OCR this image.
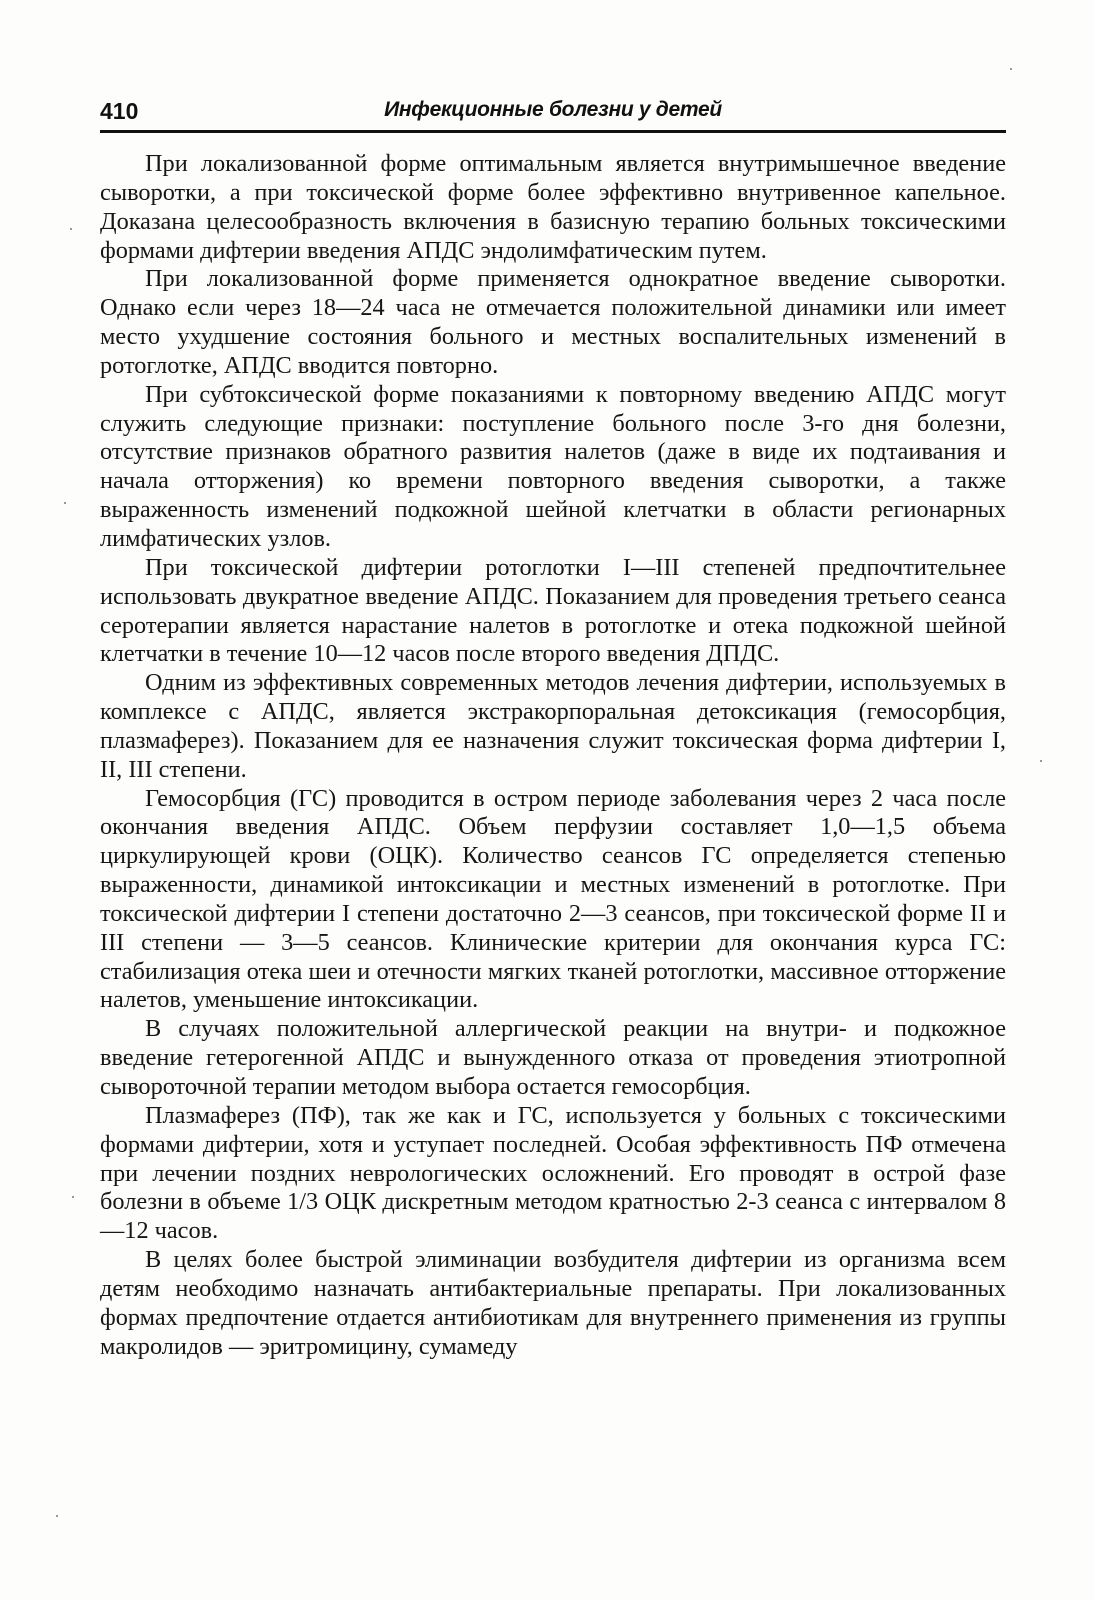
410	Инфекционные болезни у детей

При локализованной форме оптимальным является внутримышечное введение сыворотки, а при токсической форме более эффективно внутривенное капельное. Доказана целесообразность включения в базисную терапию больных токсическими формами дифтерии введения АПДС эндолимфатическим путем.

При локализованной форме применяется однократное введение сыворотки. Однако если через 18—24 часа не отмечается положительной динамики или имеет место ухудшение состояния больного и местных воспалительных изменений в ротоглотке, АПДС вводится повторно.

При субтоксической форме показаниями к повторному введению АПДС могут служить следующие признаки: поступление больного после 3-го дня болезни, отсутствие признаков обратного развития налетов (даже в виде их подтаивания и начала отторжения) ко времени повторного введения сыворотки, а также выраженность изменений подкожной шейной клетчатки в области регионарных лимфатических узлов.

При токсической дифтерии ротоглотки I—III степеней предпочтительнее использовать двукратное введение АПДС. Показанием для проведения третьего сеанса серотерапии является нарастание налетов в ротоглотке и отека подкожной шейной клетчатки в течение 10—12 часов после второго введения ДПДС.

Одним из эффективных современных методов лечения дифтерии, используемых в комплексе с АПДС, является экстракорпоральная детоксикация (гемосорбция, плазмаферез). Показанием для ее назначения служит токсическая форма дифтерии I, II, III степени.

Гемосорбция (ГС) проводится в остром периоде заболевания через 2 часа после окончания введения АПДС. Объем перфузии составляет 1,0—1,5 объема циркулирующей крови (ОЦК). Количество сеансов ГС определяется степенью выраженности, динамикой интоксикации и местных изменений в ротоглотке. При токсической дифтерии I степени достаточно 2—3 сеансов, при токсической форме II и III степени — 3—5 сеансов. Клинические критерии для окончания курса ГС: стабилизация отека шеи и отечности мягких тканей ротоглотки, массивное отторжение налетов, уменьшение интоксикации.

В случаях положительной аллергической реакции на внутри- и подкожное введение гетерогенной АПДС и вынужденного отказа от проведения этиотропной сывороточной терапии методом выбора остается гемосорбция.

Плазмаферез (ПФ), так же как и ГС, используется у больных с токсическими формами дифтерии, хотя и уступает последней. Особая эффективность ПФ отмечена при лечении поздних неврологических осложнений. Его проводят в острой фазе болезни в объеме 1/3 ОЦК дискретным методом кратностью 2-3 сеанса с интервалом 8—12 часов.

В целях более быстрой элиминации возбудителя дифтерии из организма всем детям необходимо назначать антибактериальные препараты. При локализованных формах предпочтение отдается антибиотикам для внутреннего применения из группы макролидов — эритромицину, сумамеду
